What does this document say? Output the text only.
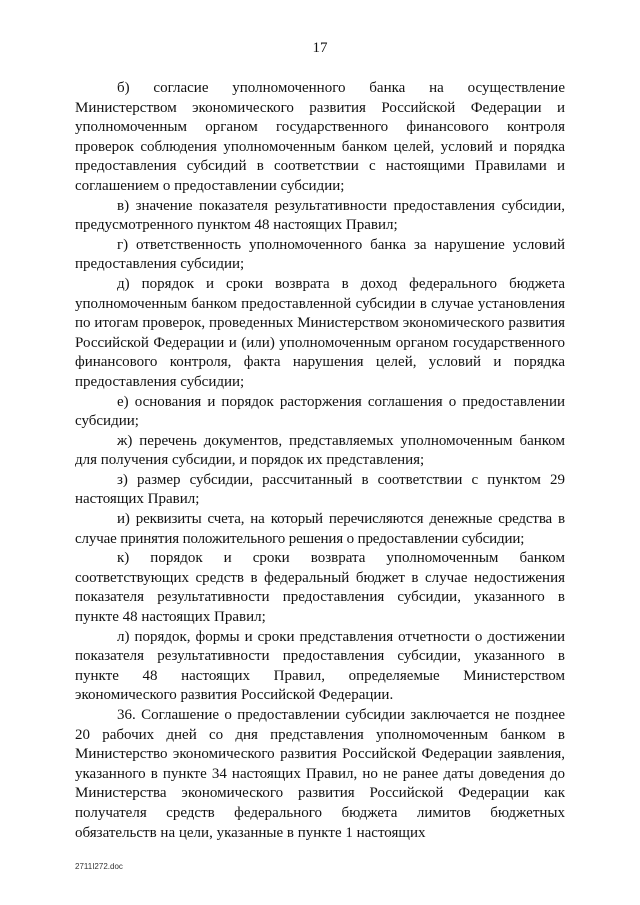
17

б) согласие уполномоченного банка на осуществление Министерством экономического развития Российской Федерации и уполномоченным органом государственного финансового контроля проверок соблюдения уполномоченным банком целей, условий и порядка предоставления субсидий в соответствии с настоящими Правилами и соглашением о предоставлении субсидии;

в) значение показателя результативности предоставления субсидии, предусмотренного пунктом 48 настоящих Правил;

г) ответственность уполномоченного банка за нарушение условий предоставления субсидии;

д) порядок и сроки возврата в доход федерального бюджета уполномоченным банком предоставленной субсидии в случае установления по итогам проверок, проведенных Министерством экономического развития Российской Федерации и (или) уполномоченным органом государственного финансового контроля, факта нарушения целей, условий и порядка предоставления субсидии;

е) основания и порядок расторжения соглашения о предоставлении субсидии;

ж) перечень документов, представляемых уполномоченным банком для получения субсидии, и порядок их представления;

з) размер субсидии, рассчитанный в соответствии с пунктом 29 настоящих Правил;

и) реквизиты счета, на который перечисляются денежные средства в случае принятия положительного решения о предоставлении субсидии;

к) порядок и сроки возврата уполномоченным банком соответствующих средств в федеральный бюджет в случае недостижения показателя результативности предоставления субсидии, указанного в пункте 48 настоящих Правил;

л) порядок, формы и сроки представления отчетности о достижении показателя результативности предоставления субсидии, указанного в пункте 48 настоящих Правил, определяемые Министерством экономического развития Российской Федерации.

36. Соглашение о предоставлении субсидии заключается не позднее 20 рабочих дней со дня представления уполномоченным банком в Министерство экономического развития Российской Федерации заявления, указанного в пункте 34 настоящих Правил, но не ранее даты доведения до Министерства экономического развития Российской Федерации как получателя средств федерального бюджета лимитов бюджетных обязательств на цели, указанные в пункте 1 настоящих

2711I272.doc
